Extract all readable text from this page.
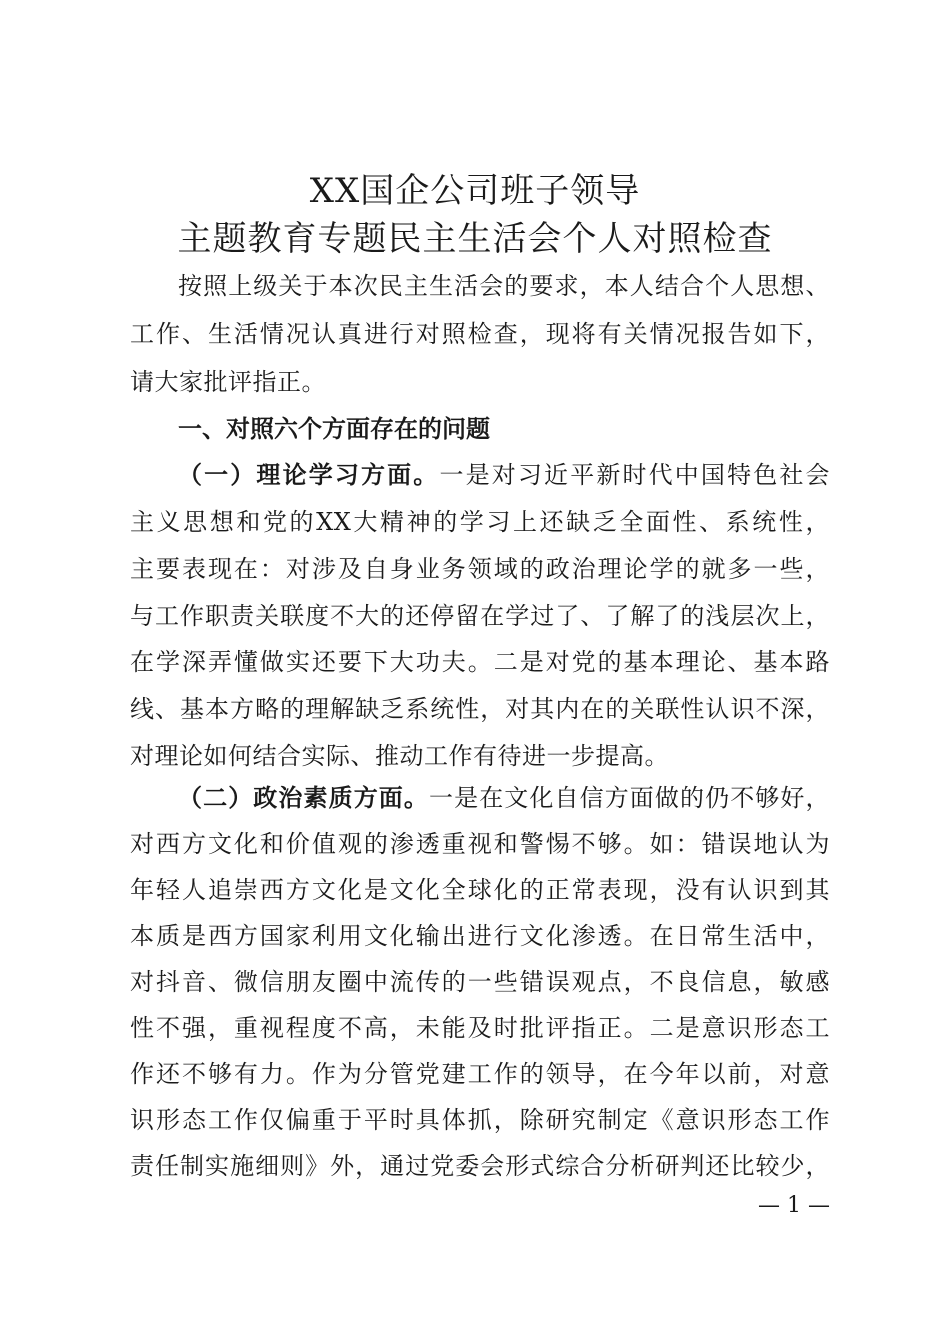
XX国企公司班子领导
主题教育专题民主生活会个人对照检查
按照上级关于本次民主生活会的要求，本人结合个人思想、
工作、生活情况认真进行对照检查，现将有关情况报告如下，
请大家批评指正。
一、对照六个方面存在的问题
（一）理论学习方面。一是对习近平新时代中国特色社会
主义思想和党的XX大精神的学习上还缺乏全面性、系统性，
主要表现在：对涉及自身业务领域的政治理论学的就多一些，
与工作职责关联度不大的还停留在学过了、了解了的浅层次上，
在学深弄懂做实还要下大功夫。二是对党的基本理论、基本路
线、基本方略的理解缺乏系统性，对其内在的关联性认识不深，
对理论如何结合实际、推动工作有待进一步提高。
（二）政治素质方面。一是在文化自信方面做的仍不够好，
对西方文化和价值观的渗透重视和警惕不够。如：错误地认为
年轻人追崇西方文化是文化全球化的正常表现，没有认识到其
本质是西方国家利用文化输出进行文化渗透。在日常生活中，
对抖音、微信朋友圈中流传的一些错误观点，不良信息，敏感
性不强，重视程度不高，未能及时批评指正。二是意识形态工
作还不够有力。作为分管党建工作的领导，在今年以前，对意
识形态工作仅偏重于平时具体抓，除研究制定《意识形态工作
责任制实施细则》外，通过党委会形式综合分析研判还比较少，
— 1 —
